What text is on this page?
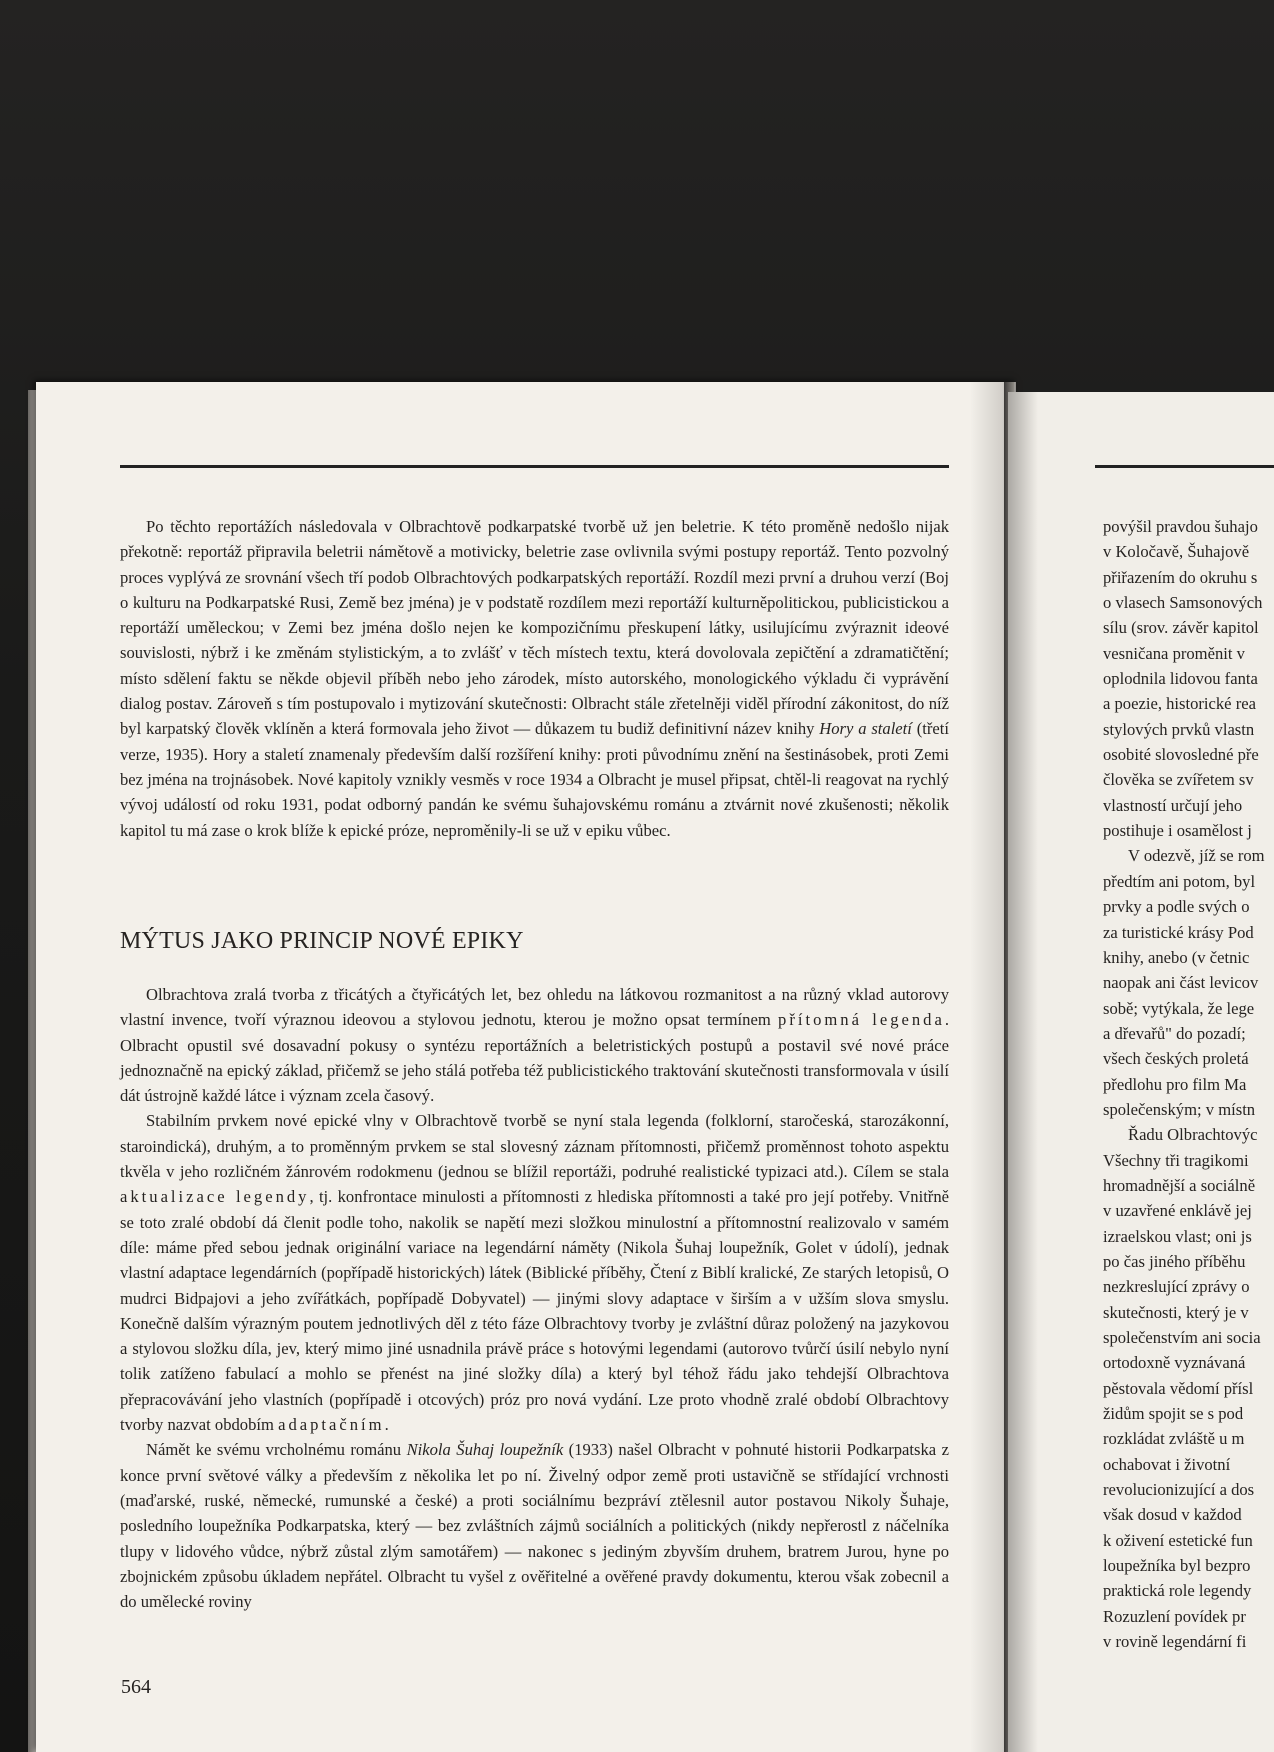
Po těchto reportážích následovala v Olbrachtově podkarpatské tvorbě už jen beletrie. K této proměně nedošlo nijak překotně: reportáž připravila beletrii námětově a motivicky, beletrie zase ovlivnila svými postupy reportáž. Tento pozvolný proces vyplývá ze srovnání všech tří podob Olbrachtových podkarpatských reportáží. Rozdíl mezi první a druhou verzí (Boj o kulturu na Podkarpatské Rusi, Země bez jména) je v podstatě rozdílem mezi reportáží kulturněpolitickou, publicistickou a reportáží uměleckou; v Zemi bez jména došlo nejen ke kompozičnímu přeskupení látky, usilujícímu zvýraznit ideové souvislosti, nýbrž i ke změnám stylistickým, a to zvlášť v těch místech textu, která dovolovala zepičtění a zdramatičtění; místo sdělení faktu se někde objevil příběh nebo jeho zárodek, místo autorského, monologického výkladu či vyprávění dialog postav. Zároveň s tím postupovalo i mytizování skutečnosti: Olbracht stále zřetelněji viděl přírodní zákonitost, do níž byl karpatský člověk vklíněn a která formovala jeho život — důkazem tu budiž definitivní název knihy Hory a staletí (třetí verze, 1935). Hory a staletí znamenaly především další rozšíření knihy: proti původnímu znění na šestinásobek, proti Zemi bez jména na trojnásobek. Nové kapitoly vznikly vesměs v roce 1934 a Olbracht je musel připsat, chtěl-li reagovat na rychlý vývoj událostí od roku 1931, podat odborný pandán ke svému šuhajovskému románu a ztvárnit nové zkušenosti; několik kapitol tu má zase o krok blíže k epické próze, neproměnily-li se už v epiku vůbec.

MÝTUS JAKO PRINCIP NOVÉ EPIKY

Olbrachtova zralá tvorba z třicátých a čtyřicátých let, bez ohledu na látkovou rozmanitost a na různý vklad autorovy vlastní invence, tvoří výraznou ideovou a stylovou jednotu, kterou je možno opsat termínem přítomná legenda. Olbracht opustil své dosavadní pokusy o syntézu reportážních a beletristických postupů a postavil své nové práce jednoznačně na epický základ, přičemž se jeho stálá potřeba též publicistického traktování skutečnosti transformovala v úsilí dát ústrojně každé látce i význam zcela časový.

Stabilním prvkem nové epické vlny v Olbrachtově tvorbě se nyní stala legenda (folklorní, staročeská, starozákonní, staroindická), druhým, a to proměnným prvkem se stal slovesný záznam přítomnosti, přičemž proměnnost tohoto aspektu tkvěla v jeho rozličném žánrovém rodokmenu (jednou se blížil reportáži, podruhé realistické typizaci atd.). Cílem se stala aktualizace legendy, tj. konfrontace minulosti a přítomnosti z hlediska přítomnosti a také pro její potřeby. Vnitřně se toto zralé období dá členit podle toho, nakolik se napětí mezi složkou minulostní a přítomnostní realizovalo v samém díle: máme před sebou jednak originální variace na legendární náměty (Nikola Šuhaj loupežník, Golet v údolí), jednak vlastní adaptace legendárních (popřípadě historických) látek (Biblické příběhy, Čtení z Biblí kralické, Ze starých letopisů, O mudrci Bidpajovi a jeho zvířátkách, popřípadě Dobyvatel) — jinými slovy adaptace v širším a v užším slova smyslu. Konečně dalším výrazným poutem jednotlivých děl z této fáze Olbrachtovy tvorby je zvláštní důraz položený na jazykovou a stylovou složku díla, jev, který mimo jiné usnadnila právě práce s hotovými legendami (autorovo tvůrčí úsilí nebylo nyní tolik zatíženo fabulací a mohlo se přenést na jiné složky díla) a který byl téhož řádu jako tehdejší Olbrachtova přepracovávání jeho vlastních (popřípadě i otcových) próz pro nová vydání. Lze proto vhodně zralé období Olbrachtovy tvorby nazvat obdobím adaptačním.

Námět ke svému vrcholnému románu Nikola Šuhaj loupežník (1933) našel Olbracht v pohnuté historii Podkarpatska z konce první světové války a především z několika let po ní. Živelný odpor země proti ustavičně se střídající vrchnosti (maďarské, ruské, německé, rumunské a české) a proti sociálnímu bezpráví ztělesnil autor postavou Nikoly Šuhaje, posledního loupežníka Podkarpatska, který — bez zvláštních zájmů sociálních a politických (nikdy nepřerostl z náčelníka tlupy v lidového vůdce, nýbrž zůstal zlým samotářem) — nakonec s jediným zbyvším druhem, bratrem Jurou, hyne po zbojnickém způsobu úkladem nepřátel. Olbracht tu vyšel z ověřitelné a ověřené pravdy dokumentu, kterou však zobecnil a do umělecké roviny

564
povýšil pravdou šuhajo
v Koločavě, Šuhajově
přiřazením do okruhu s
o vlasech Samsonových
sílu (srov. závěr kapitol
vesničana proměnit v
oplodnila lidovou fanta
a poezie, historické rea
stylových prvků vlastn
osobité slovosledné pře
člověka se zvířetem sv
vlastností určují jeho
postihuje i osamělost j
V odezvě, jíž se rom
předtím ani potom, byl
prvky a podle svých o
za turistické krásy Pod
knihy, anebo (v četnic
naopak ani část levicov
sobě; vytýkala, že lege
a dřevařů" do pozadí;
všech českých proletá
předlohu pro film Ma
společenským; v místn
Řadu Olbrachtovýc
Všechny tři tragikomi
hromadnější a sociálně
v uzavřené enklávě jej
izraelskou vlast; oni js
po čas jiného příběhu
nezkreslující zprávy o
skutečnosti, který je v
společenstvím ani socia
ortodoxně vyznávaná
pěstovala vědomí přísl
židům spojit se s pod
rozkládat zvláště u m
ochabovat i životní
revolucionizující a dos
však dosud v každod
k oživení estetické fun
loupežníka byl bezpro
praktická role legendy
Rozuzlení povídek pr
v rovině legendární fi
